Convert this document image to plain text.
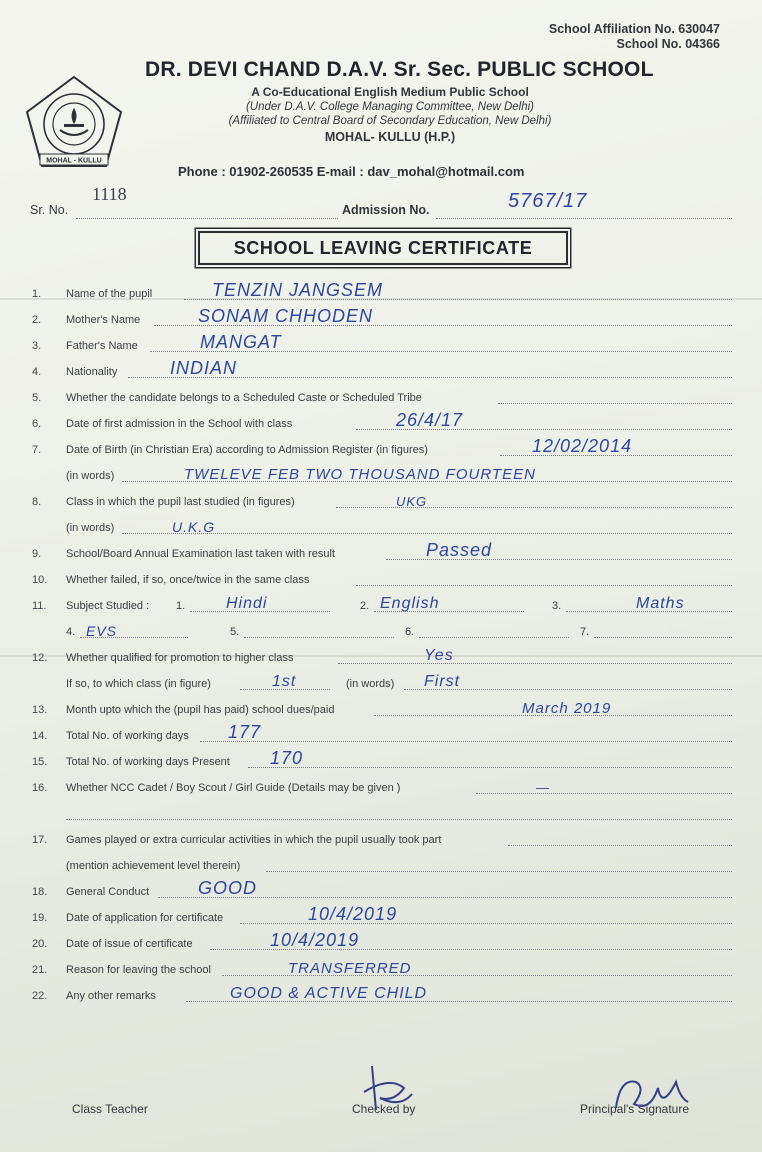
School Affiliation No. 630047
School No. 04366
MOHAL - KULLU
DR. DEVI CHAND D.A.V. Sr. Sec. PUBLIC SCHOOL
A Co-Educational English Medium Public School
(Under D.A.V. College Managing Committee, New Delhi)
(Affiliated to Central Board of Secondary Education, New Delhi)
MOHAL- KULLU (H.P.)
Phone : 01902-260535 E-mail : dav_mohal@hotmail.com
Sr. No.
1118
Admission No.	5767/17
SCHOOL LEAVING CERTIFICATE
1. Name of the pupil	TENZIN JANGSEM
2. Mother's Name	SONAM CHHODEN
3. Father's Name	MANGAT
4. Nationality	INDIAN
5. Whether the candidate belongs to a Scheduled Caste or Scheduled Tribe
6. Date of first admission in the School with class	26/4/17
7. Date of Birth (in Christian Era) according to Admission Register (in figures)	12/02/2014
(in words)	TWELEVE FEB TWO THOUSAND FOURTEEN
8. Class in which the pupil last studied (in figures)	UKG
(in words)	U.K.G
9. School/Board Annual Examination last taken with result	Passed
10. Whether failed, if so, once/twice in the same class
11. Subject Studied : 1.	Hindi	2. English	3.	Maths
4. EVS	5.	6.	7.
12. Whether qualified for promotion to higher class	Yes
If so, to which class (in figure)	1st	(in words) First
13. Month upto which the (pupil has paid) school dues/paid	March 2019
14. Total No. of working days 177
15. Total No. of working days Present 170
16. Whether NCC Cadet / Boy Scout / Girl Guide (Details may be given )	—
17. Games played or extra curricular activities in which the pupil usually took part
(mention achievement level therein)
18. General Conduct	GOOD
19. Date of application for certificate	10/4/2019
20. Date of issue of certificate	10/4/2019
21. Reason for leaving the school	TRANSFERRED
22. Any other remarks	GOOD & ACTIVE CHILD
Class Teacher	Checked by	Principal's Signature
